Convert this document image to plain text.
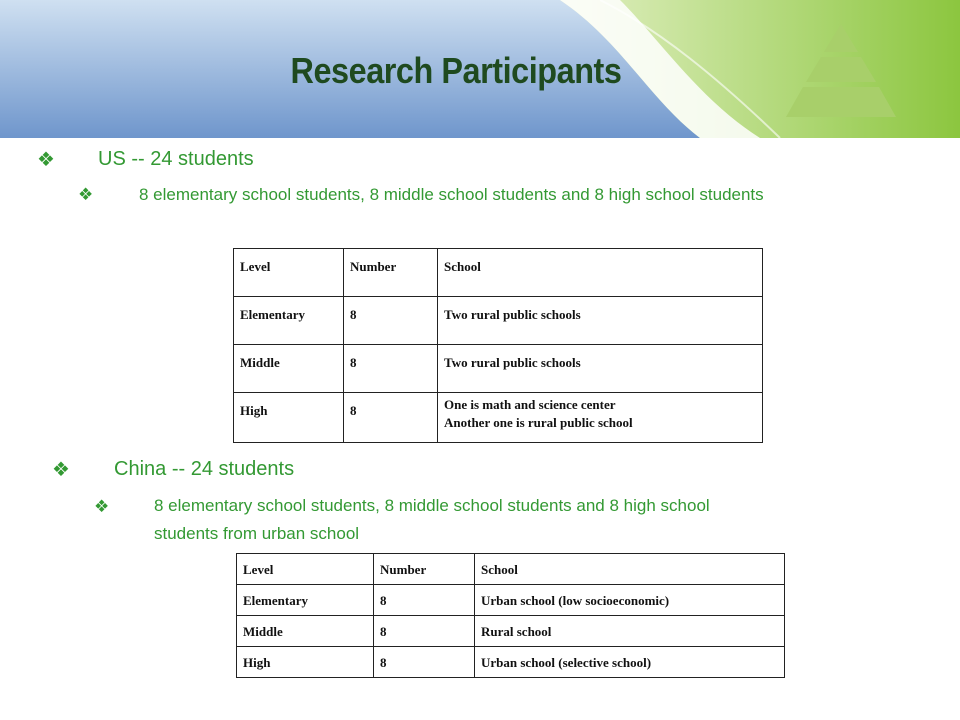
Research Participants
❖ US -- 24 students
❖	8 elementary school students, 8 middle school students and 8 high school students
Level	Number	School
Elementary	8	Two rural public schools
Middle	8	Two rural public schools
High	8	One is math and science center
Another one is rural public school
❖ China -- 24 students
❖	8 elementary school students, 8 middle school students and 8 high school
students from urban school
Level	Number	School
Elementary	8	Urban school (low socioeconomic)
Middle	8	Rural school
High	8	Urban school (selective school)
